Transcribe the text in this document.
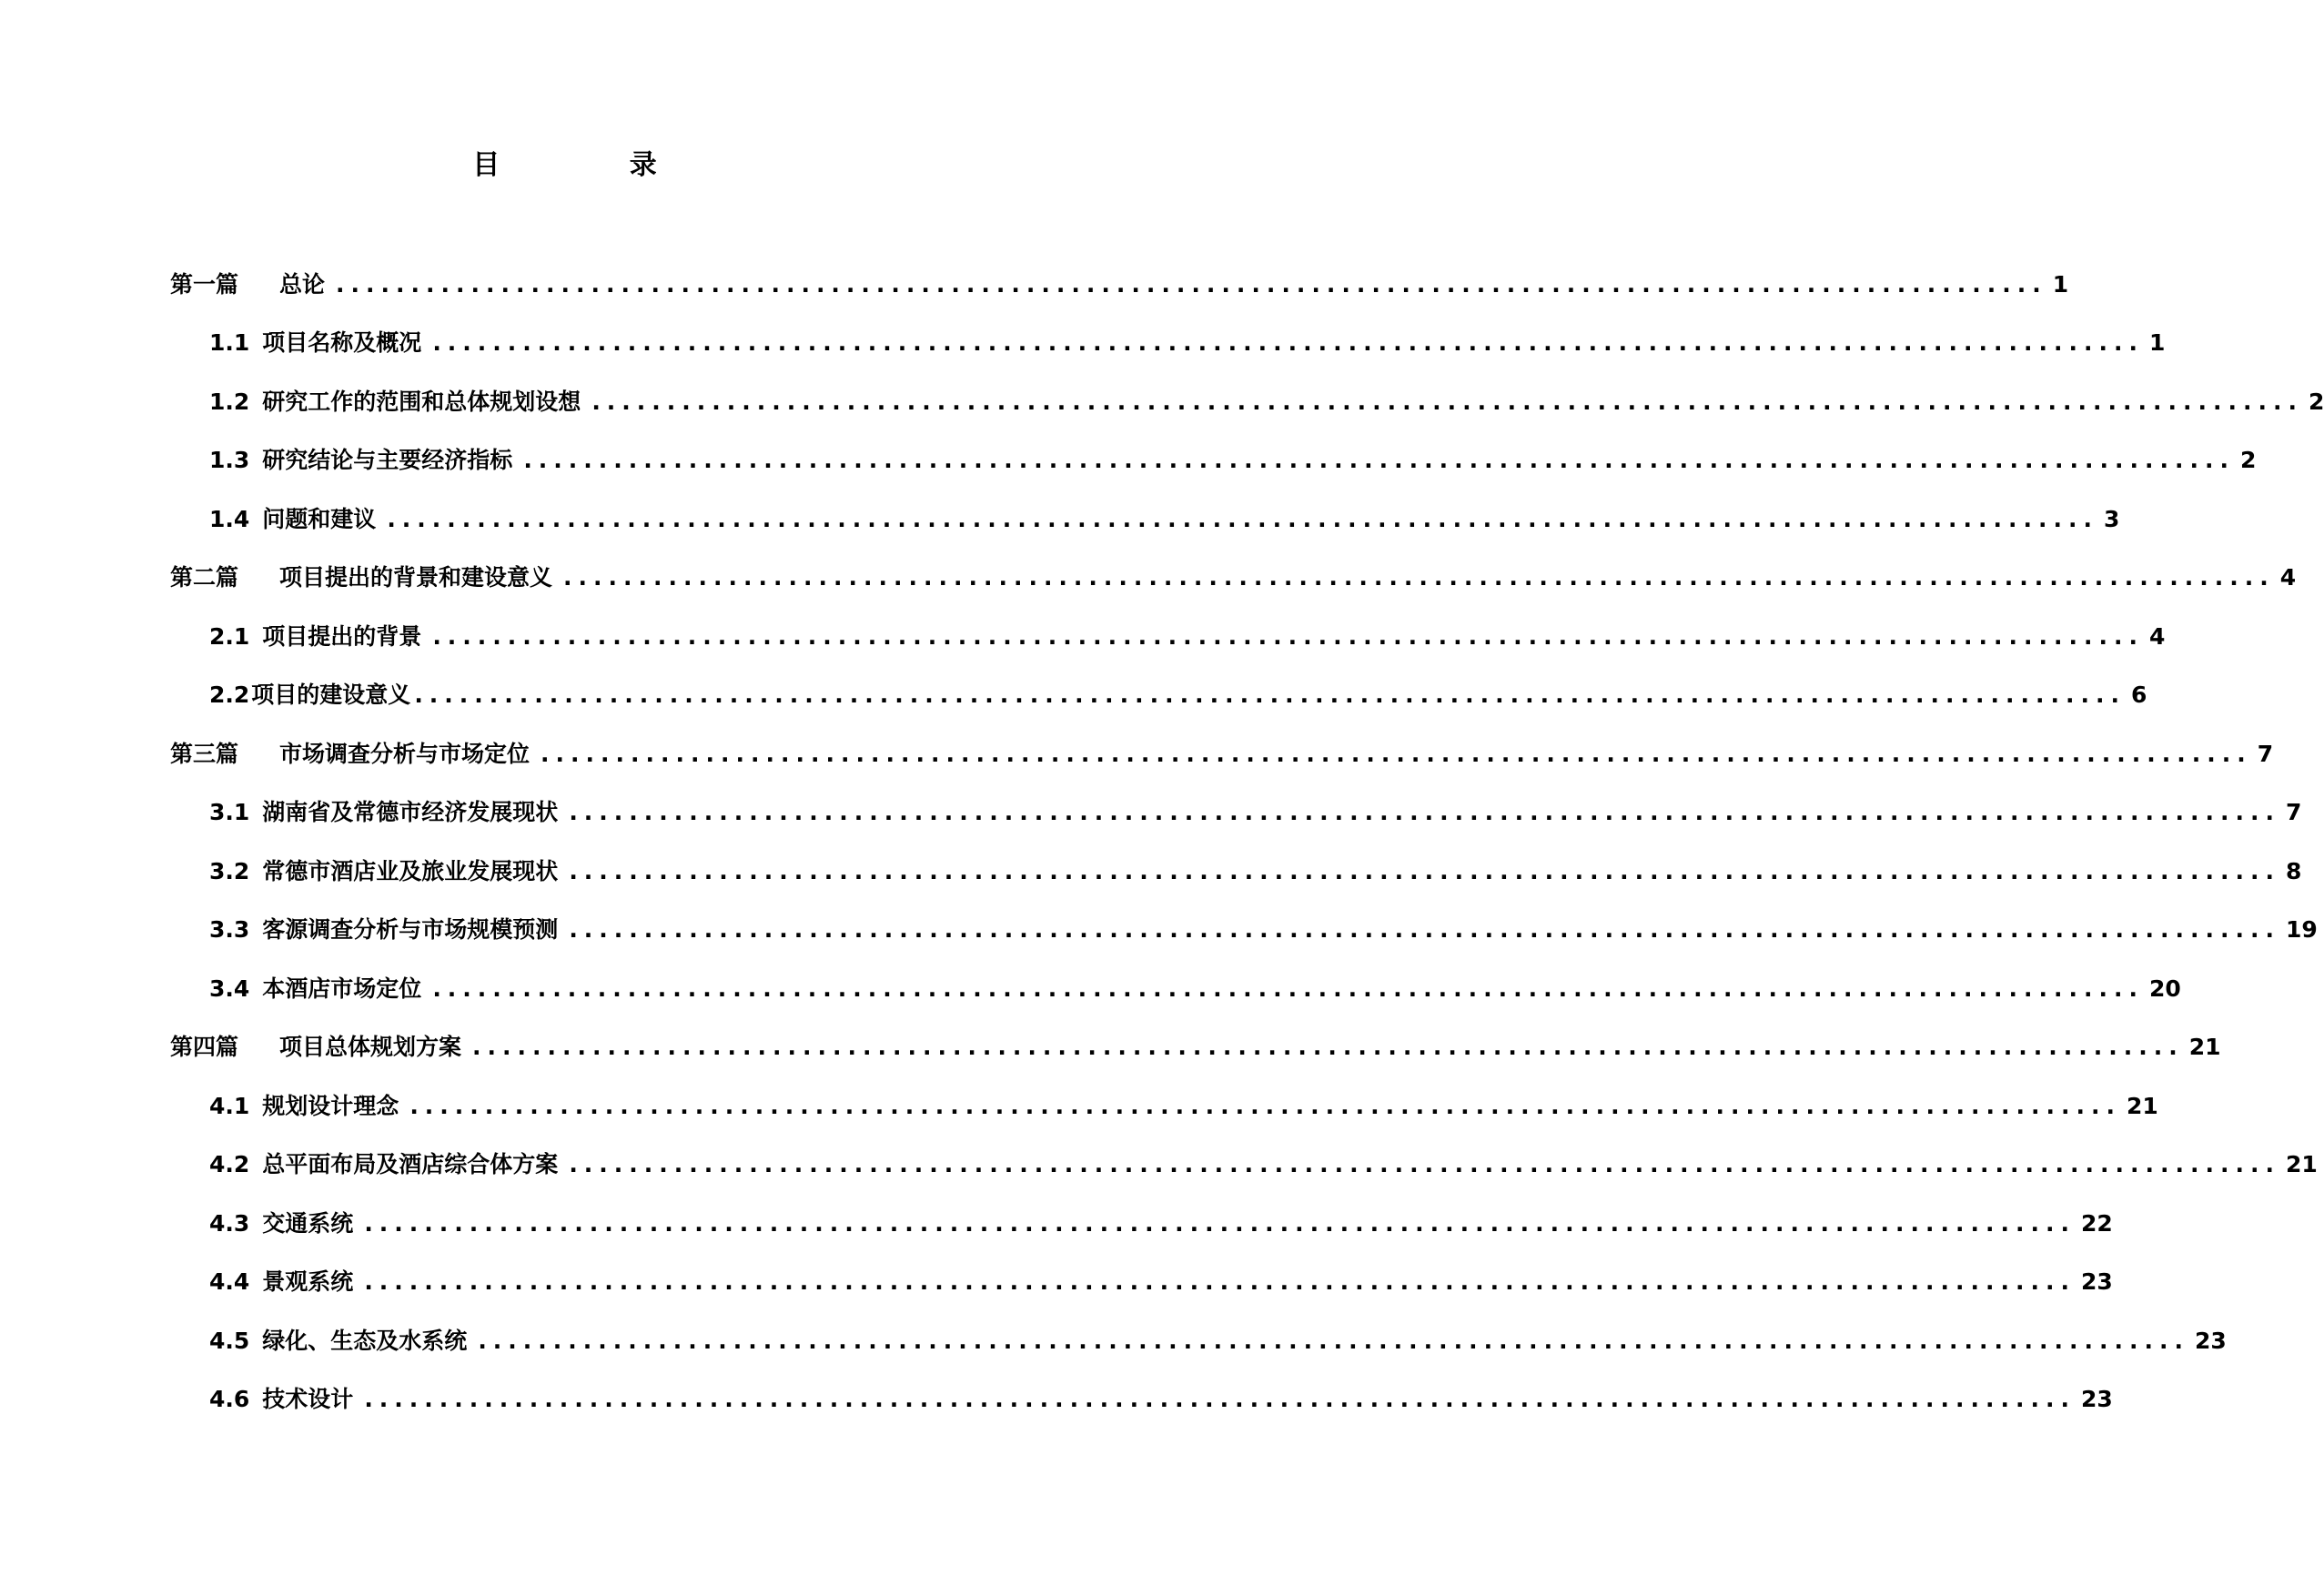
目 录
第一篇 总论 .................................................................................................................. 1
1.1 项目名称及概况 .................................................................................................................. 1
1.2 研究工作的范围和总体规划设想 .................................................................................................................. 2
1.3 研究结论与主要经济指标 .................................................................................................................. 2
1.4 问题和建议 .................................................................................................................. 3
第二篇 项目提出的背景和建设意义 .................................................................................................................. 4
2.1 项目提出的背景 .................................................................................................................. 4
2.2 项目的建设意义 .................................................................................................................. 6
第三篇 市场调查分析与市场定位 .................................................................................................................. 7
3.1 湖南省及常德市经济发展现状 .................................................................................................................. 7
3.2 常德市酒店业及旅业发展现状 .................................................................................................................. 8
3.3 客源调查分析与市场规模预测 .................................................................................................................. 19
3.4 本酒店市场定位 .................................................................................................................. 20
第四篇 项目总体规划方案 .................................................................................................................. 21
4.1 规划设计理念 .................................................................................................................. 21
4.2 总平面布局及酒店综合体方案 .................................................................................................................. 21
4.3 交通系统 .................................................................................................................. 22
4.4 景观系统 .................................................................................................................. 23
4.5 绿化、生态及水系统 .................................................................................................................. 23
4.6 技术设计 .................................................................................................................. 23
